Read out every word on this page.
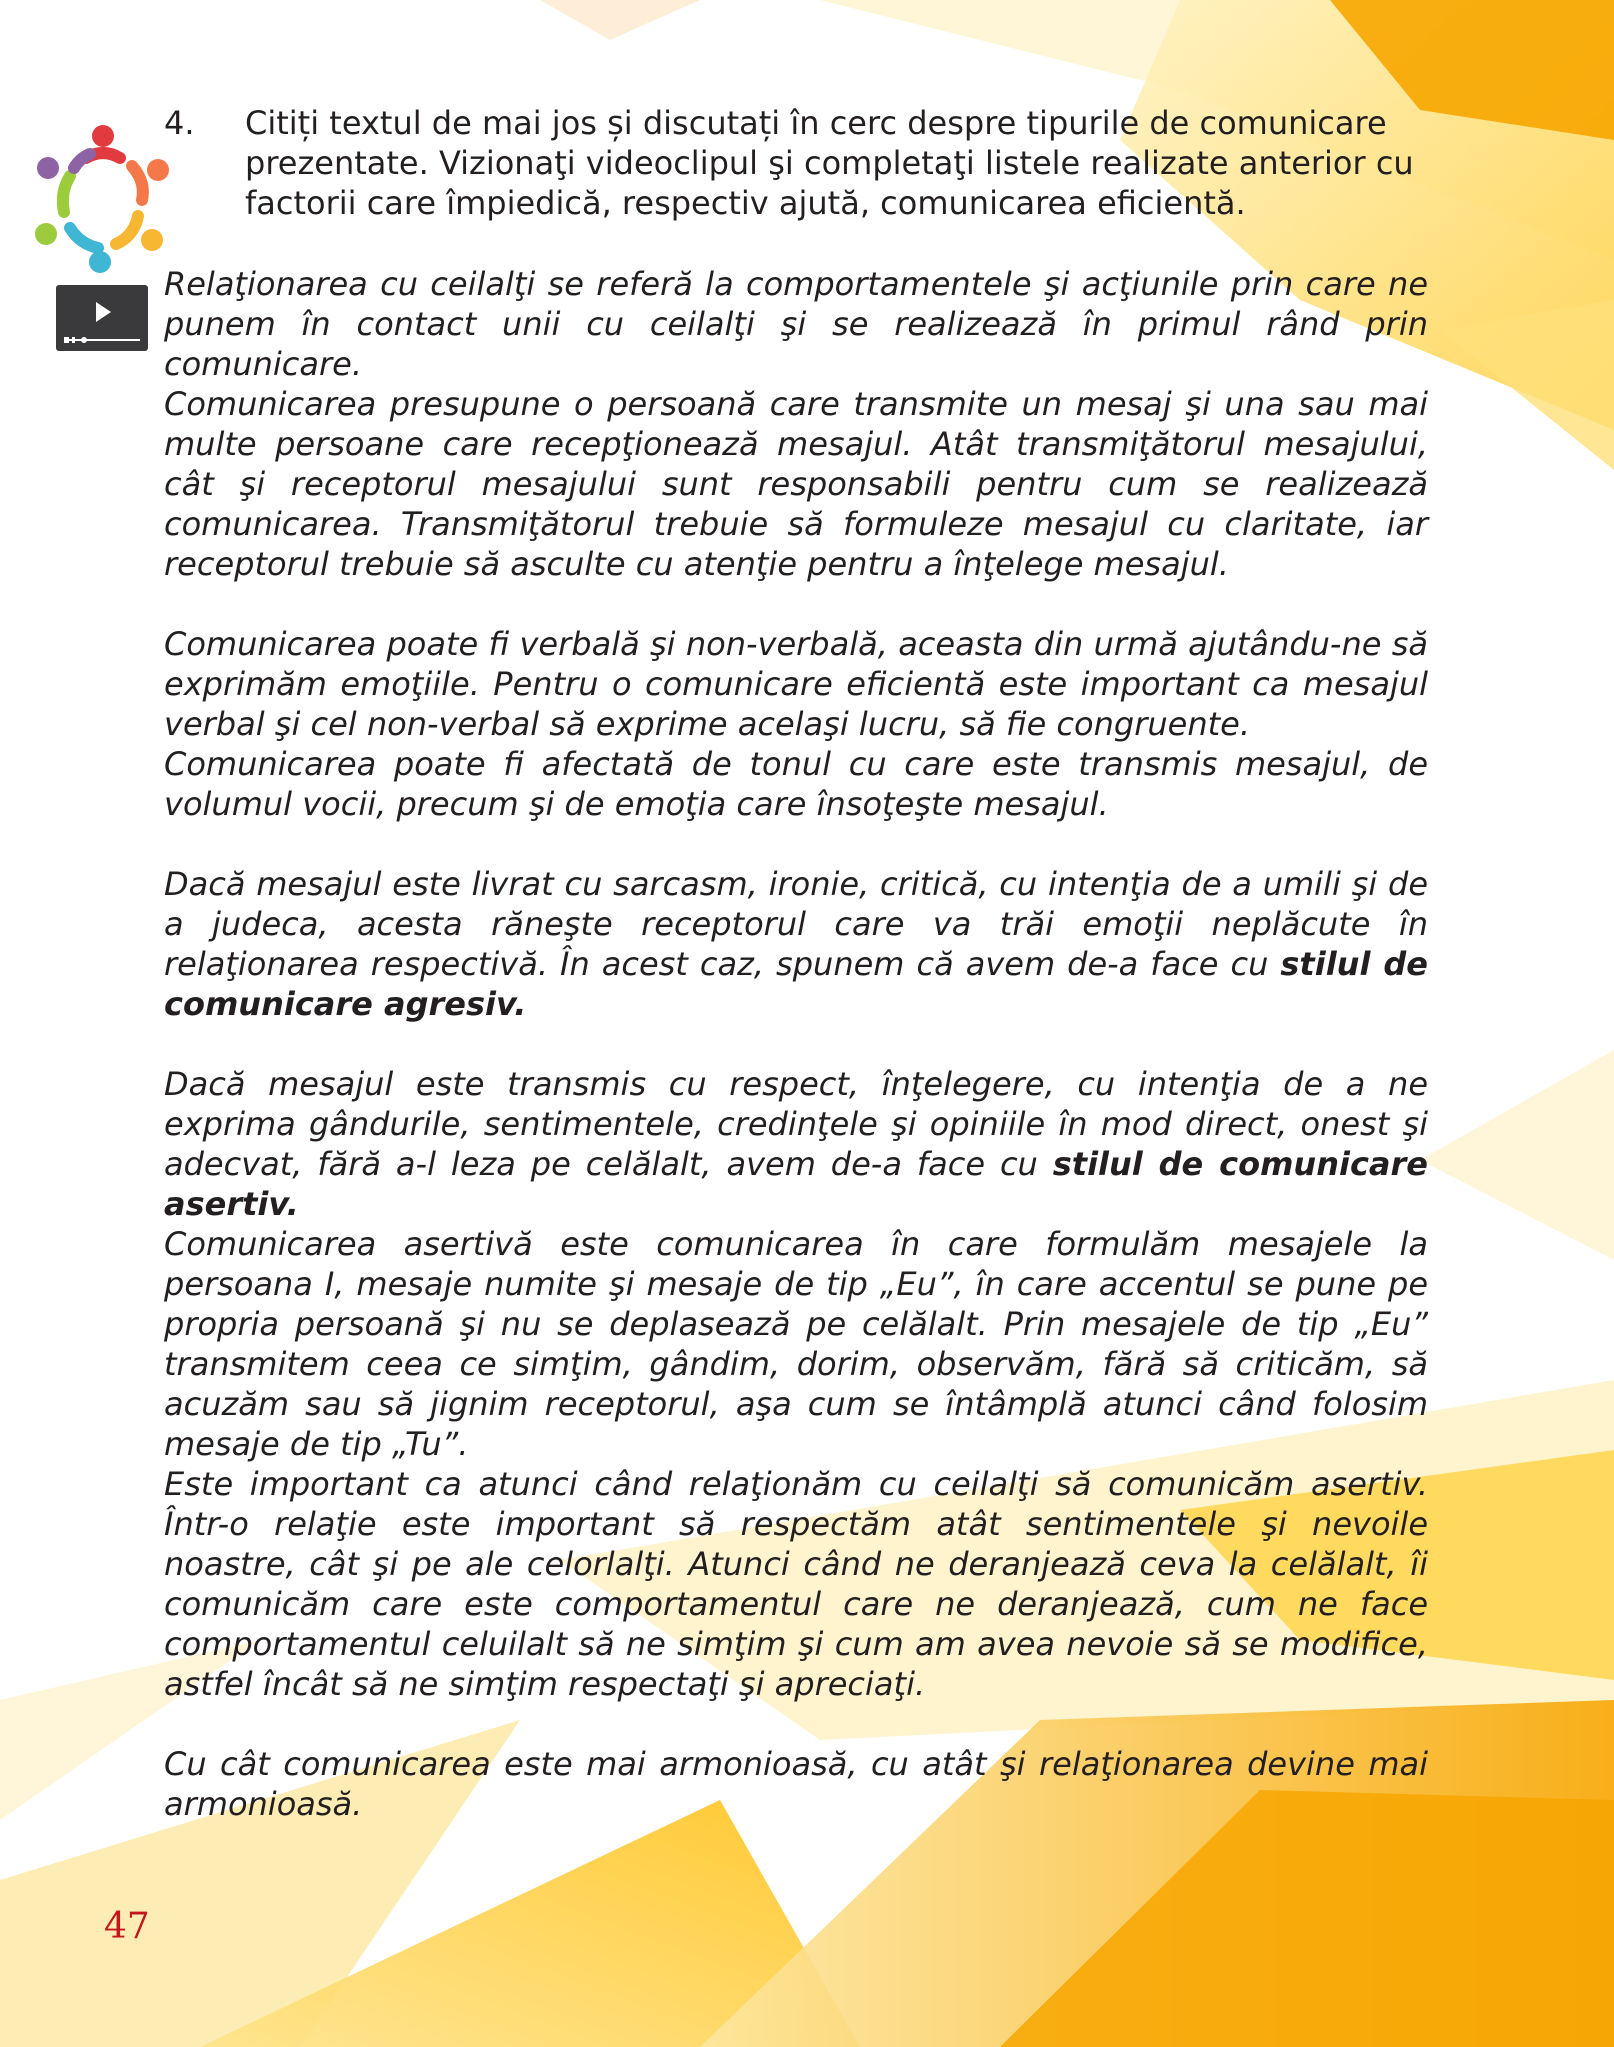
4. Citiți textul de mai jos și discutați în cerc despre tipurile de comunicare prezentate. Vizionaţi videoclipul şi completaţi listele realizate anterior cu factorii care împiedică, respectiv ajută, comunicarea eficientă.

Relaţionarea cu ceilalţi se referă la comportamentele şi acţiunile prin care ne punem în contact unii cu ceilalţi şi se realizează în primul rând prin comunicare.

Comunicarea presupune o persoană care transmite un mesaj şi una sau mai multe persoane care recepţionează mesajul. Atât transmiţătorul mesajului, cât şi receptorul mesajului sunt responsabili pentru cum se realizează comunicarea. Transmiţătorul trebuie să formuleze mesajul cu claritate, iar receptorul trebuie să asculte cu atenţie pentru a înţelege mesajul.

Comunicarea poate fi verbală şi non-verbală, aceasta din urmă ajutându-ne să exprimăm emoţiile. Pentru o comunicare eficientă este important ca mesajul verbal şi cel non-verbal să exprime acelaşi lucru, să fie congruente.

Comunicarea poate fi afectată de tonul cu care este transmis mesajul, de volumul vocii, precum şi de emoţia care însoţeşte mesajul.

Dacă mesajul este livrat cu sarcasm, ironie, critică, cu intenţia de a umili şi de a judeca, acesta răneşte receptorul care va trăi emoţii neplăcute în relaţionarea respectivă. În acest caz, spunem că avem de-a face cu stilul de comunicare agresiv.

Dacă mesajul este transmis cu respect, înţelegere, cu intenţia de a ne exprima gândurile, sentimentele, credinţele şi opiniile în mod direct, onest şi adecvat, fără a-l leza pe celălalt, avem de-a face cu stilul de comunicare asertiv.

Comunicarea asertivă este comunicarea în care formulăm mesajele la persoana I, mesaje numite şi mesaje de tip „Eu”, în care accentul se pune pe propria persoană şi nu se deplasează pe celălalt. Prin mesajele de tip „Eu” transmitem ceea ce simţim, gândim, dorim, observăm, fără să criticăm, să acuzăm sau să jignim receptorul, aşa cum se întâmplă atunci când folosim mesaje de tip „Tu”.

Este important ca atunci când relaţionăm cu ceilalţi să comunicăm asertiv. Într-o relaţie este important să respectăm atât sentimentele şi nevoile noastre, cât şi pe ale celorlalţi. Atunci când ne deranjează ceva la celălalt, îi comunicăm care este comportamentul care ne deranjează, cum ne face comportamentul celuilalt să ne simţim şi cum am avea nevoie să se modifice, astfel încât să ne simţim respectaţi şi apreciaţi.

Cu cât comunicarea este mai armonioasă, cu atât şi relaţionarea devine mai armonioasă.

47
